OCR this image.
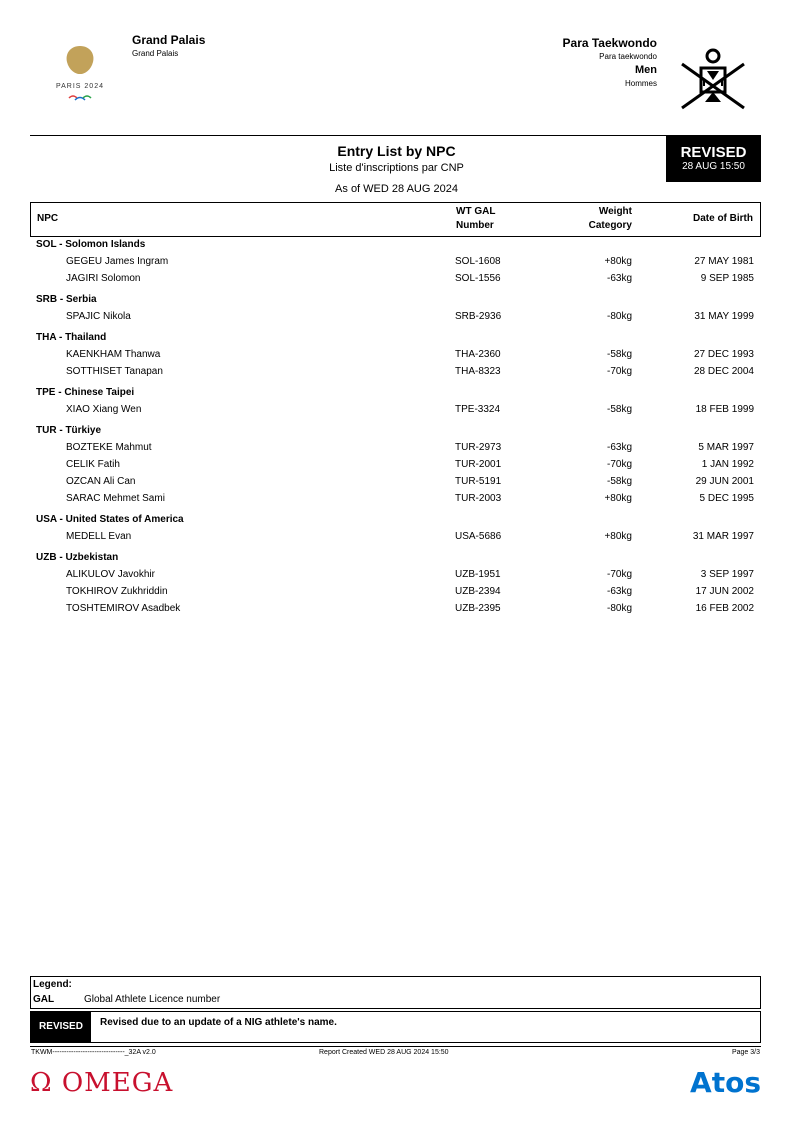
PARIS 2024
Grand Palais
Grand Palais
Para Taekwondo
Para taekwondo
Men
Hommes
Entry List by NPC
Liste d'inscriptions par CNP
As of WED 28 AUG 2024
REVISED
28 AUG 15:50
NPC
WT GAL
Number
Weight
Category
Date of Birth
SOL - Solomon Islands
GEGEU James Ingram	SOL-1608	+80kg	27 MAY 1981
JAGIRI Solomon	SOL-1556	-63kg	9 SEP 1985
SRB - Serbia
SPAJIC Nikola	SRB-2936	-80kg	31 MAY 1999
THA - Thailand
KAENKHAM Thanwa	THA-2360	-58kg	27 DEC 1993
SOTTHISET Tanapan	THA-8323	-70kg	28 DEC 2004
TPE - Chinese Taipei
XIAO Xiang Wen	TPE-3324	-58kg	18 FEB 1999
TUR - Türkiye
BOZTEKE Mahmut	TUR-2973	-63kg	5 MAR 1997
CELIK Fatih	TUR-2001	-70kg	1 JAN 1992
OZCAN Ali Can	TUR-5191	-58kg	29 JUN 2001
SARAC Mehmet Sami	TUR-2003	+80kg	5 DEC 1995
USA - United States of America
MEDELL Evan	USA-5686	+80kg	31 MAR 1997
UZB - Uzbekistan
ALIKULOV Javokhir	UZB-1951	-70kg	3 SEP 1997
TOKHIROV Zukhriddin	UZB-2394	-63kg	17 JUN 2002
TOSHTEMIROV Asadbek	UZB-2395	-80kg	16 FEB 2002
Legend:
GAL	Global Athlete Licence number
REVISED	Revised due to an update of a NIG athlete's name.
TKWM-------------------------------_32A v2.0	Report Created WED 28 AUG 2024 15:50	Page 3/3
Ω OMEGA	Atos
